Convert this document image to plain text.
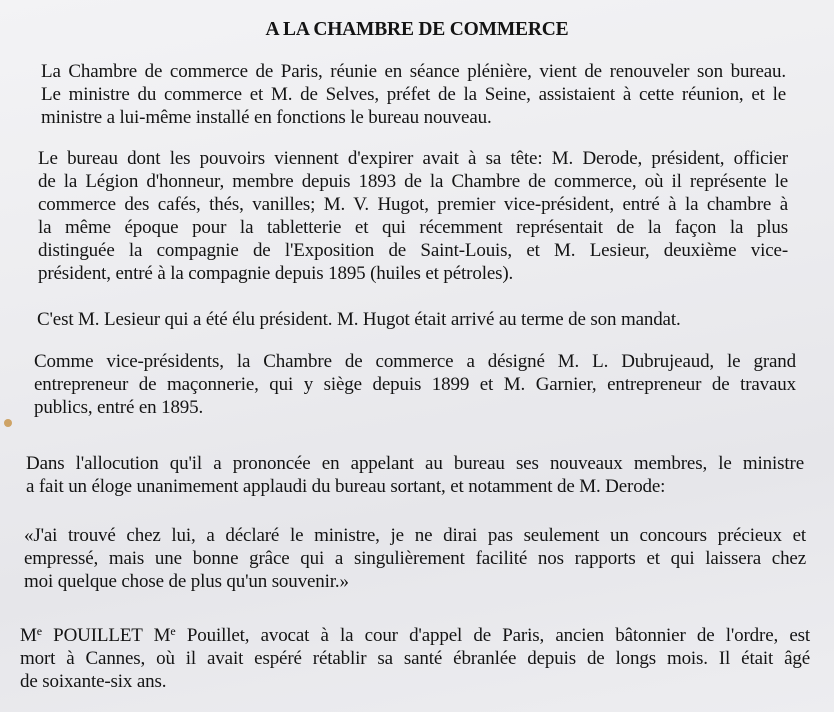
A LA CHAMBRE DE COMMERCE

La Chambre de commerce de Paris, réunie en séance plénière, vient de renouveler son bureau.
Le ministre du commerce et M. de Selves, préfet de la Seine, assistaient à cette réunion, et le
ministre a lui-même installé en fonctions le bureau nouveau.

Le bureau dont les pouvoirs viennent d'expirer avait à sa tête: M. Derode, président, officier
de la Légion d'honneur, membre depuis 1893 de la Chambre de commerce, où il représente le
commerce des cafés, thés, vanilles; M. V. Hugot, premier vice-président, entré à la chambre à
la même époque pour la tabletterie et qui récemment représentait de la façon la plus
distinguée la compagnie de l'Exposition de Saint-Louis, et M. Lesieur, deuxième vice-
président, entré à la compagnie depuis 1895 (huiles et pétroles).

C'est M. Lesieur qui a été élu président. M. Hugot était arrivé au terme de son mandat.

Comme vice-présidents, la Chambre de commerce a désigné M. L. Dubrujeaud, le grand
entrepreneur de maçonnerie, qui y siège depuis 1899 et M. Garnier, entrepreneur de travaux
publics, entré en 1895.

Dans l'allocution qu'il a prononcée en appelant au bureau ses nouveaux membres, le ministre
a fait un éloge unanimement applaudi du bureau sortant, et notamment de M. Derode:

«J'ai trouvé chez lui, a déclaré le ministre, je ne dirai pas seulement un concours précieux et
empressé, mais une bonne grâce qui a singulièrement facilité nos rapports et qui laissera chez
moi quelque chose de plus qu'un souvenir.»

Me POUILLET Me Pouillet, avocat à la cour d'appel de Paris, ancien bâtonnier de l'ordre, est
mort à Cannes, où il avait espéré rétablir sa santé ébranlée depuis de longs mois. Il était âgé
de soixante-six ans.
